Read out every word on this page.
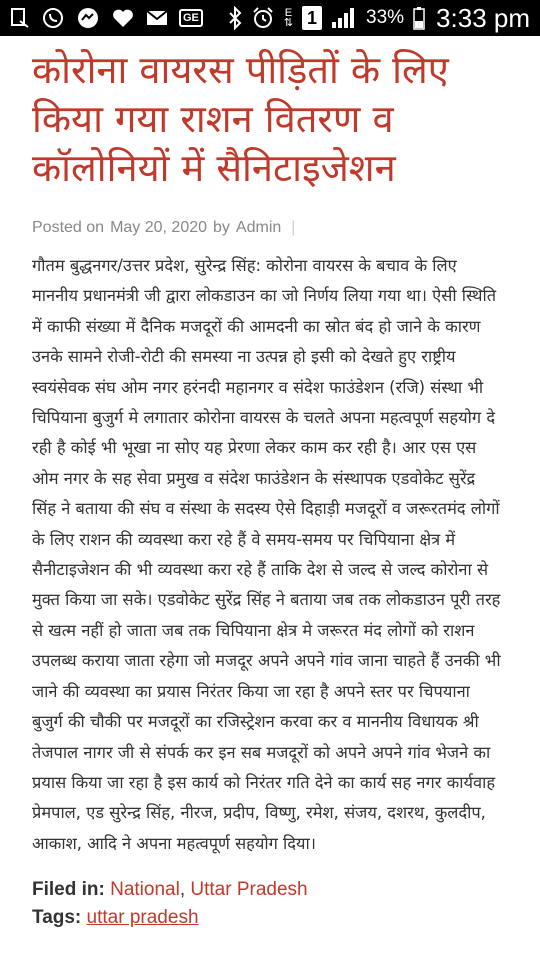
GE	E
⇅ 1	33% 3:33 pm
कोरोना वायरस पीड़ितों के लिए किया गया राशन वितरण व कॉलोनियों में सैनिटाइजेशन
Posted on May 20, 2020 by Admin |
गौतम बुद्धनगर/उत्तर प्रदेश, सुरेन्द्र सिंह: कोरोना वायरस के बचाव के लिए माननीय प्रधानमंत्री जी द्वारा लोकडाउन का जो निर्णय लिया गया था। ऐसी स्थिति में काफी संख्या में दैनिक मजदूरों की आमदनी का स्रोत बंद हो जाने के कारण उनके सामने रोजी-रोटी की समस्या ना उत्पन्न हो इसी को देखते हुए राष्ट्रीय स्वयंसेवक संघ ओम नगर हरंनदी महानगर व संदेश फाउंडेशन (रजि) संस्था भी चिपियाना बुजुर्ग मे लगातार कोरोना वायरस के चलते अपना महत्वपूर्ण सहयोग दे रही है कोई भी भूखा ना सोए यह प्रेरणा लेकर काम कर रही है। आर एस एस ओम नगर के सह सेवा प्रमुख व संदेश फाउंडेशन के संस्थापक एडवोकेट सुरेंद्र सिंह ने बताया की संघ व संस्था के सदस्य ऐसे दिहाड़ी मजदूरों व जरूरतमंद लोगों के लिए राशन की व्यवस्था करा रहे हैं वे समय-समय पर चिपियाना क्षेत्र में सैनीटाइजेशन की भी व्यवस्था करा रहे हैं ताकि देश से जल्द से जल्द कोरोना से मुक्त किया जा सके। एडवोकेट सुरेंद्र सिंह ने बताया जब तक लोकडाउन पूरी तरह से खत्म नहीं हो जाता जब तक चिपियाना क्षेत्र मे जरूरत मंद लोगों को राशन उपलब्ध कराया जाता रहेगा जो मजदूर अपने अपने गांव जाना चाहते हैं उनकी भी जाने की व्यवस्था का प्रयास निरंतर किया जा रहा है अपने स्तर पर चिपयाना बुजुर्ग की चौकी पर मजदूरों का रजिस्ट्रेशन करवा कर व माननीय विधायक श्री तेजपाल नागर जी से संपर्क कर इन सब मजदूरों को अपने अपने गांव भेजने का प्रयास किया जा रहा है इस कार्य को निरंतर गति देने का कार्य सह नगर कार्यवाह प्रेमपाल, एड सुरेन्द्र सिंह, नीरज, प्रदीप, विष्णु, रमेश, संजय, दशरथ, कुलदीप, आकाश, आदि ने अपना महत्वपूर्ण सहयोग दिया।
Filed in: National, Uttar Pradesh
Tags: uttar pradesh
